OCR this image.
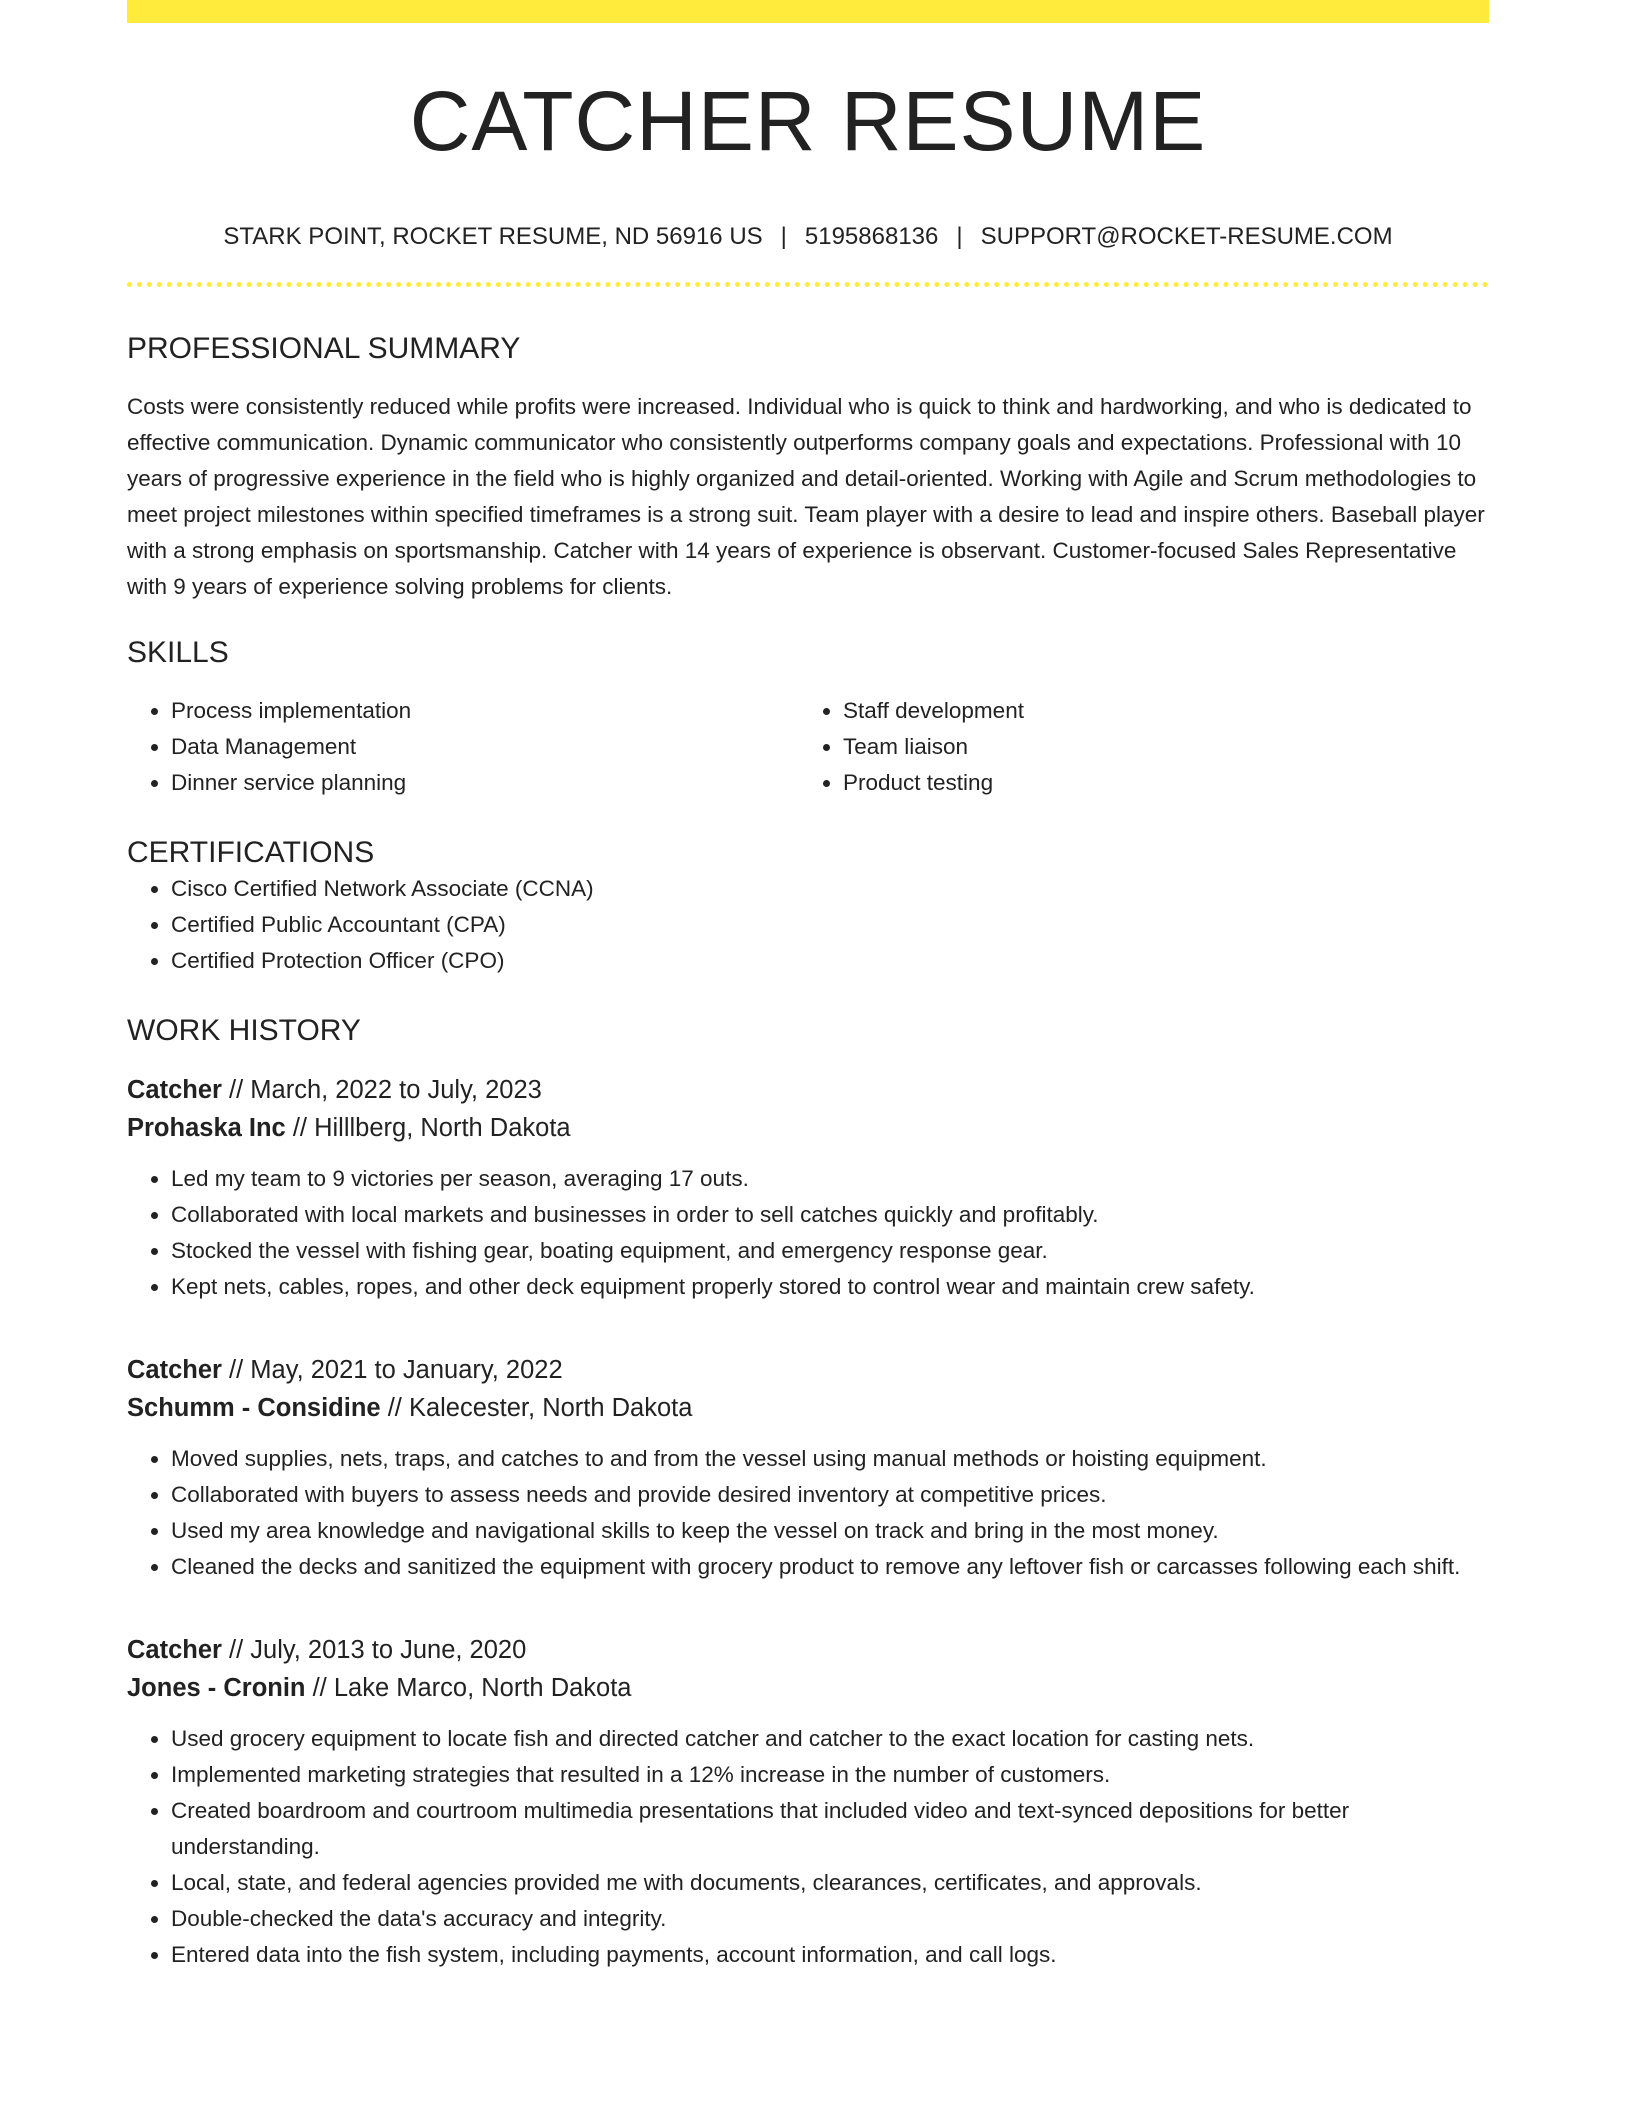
CATCHER RESUME
STARK POINT, ROCKET RESUME, ND 56916 US | 5195868136 | SUPPORT@ROCKET-RESUME.COM
PROFESSIONAL SUMMARY

Costs were consistently reduced while profits were increased. Individual who is quick to think and hardworking, and who is dedicated to effective communication. Dynamic communicator who consistently outperforms company goals and expectations. Professional with 10 years of progressive experience in the field who is highly organized and detail-oriented. Working with Agile and Scrum methodologies to meet project milestones within specified timeframes is a strong suit. Team player with a desire to lead and inspire others. Baseball player with a strong emphasis on sportsmanship. Catcher with 14 years of experience is observant. Customer-focused Sales Representative with 9 years of experience solving problems for clients.

SKILLS
• Process implementation
• Data Management
• Dinner service planning
• Staff development
• Team liaison
• Product testing
CERTIFICATIONS
• Cisco Certified Network Associate (CCNA)
• Certified Public Accountant (CPA)
• Certified Protection Officer (CPO)
WORK HISTORY
Catcher // March, 2022 to July, 2023
Prohaska Inc // Hilllberg, North Dakota
• Led my team to 9 victories per season, averaging 17 outs.
• Collaborated with local markets and businesses in order to sell catches quickly and profitably.
• Stocked the vessel with fishing gear, boating equipment, and emergency response gear.
• Kept nets, cables, ropes, and other deck equipment properly stored to control wear and maintain crew safety.
Catcher // May, 2021 to January, 2022
Schumm - Considine // Kalecester, North Dakota
• Moved supplies, nets, traps, and catches to and from the vessel using manual methods or hoisting equipment.
• Collaborated with buyers to assess needs and provide desired inventory at competitive prices.
• Used my area knowledge and navigational skills to keep the vessel on track and bring in the most money.
• Cleaned the decks and sanitized the equipment with grocery product to remove any leftover fish or carcasses following each shift.
Catcher // July, 2013 to June, 2020
Jones - Cronin // Lake Marco, North Dakota
• Used grocery equipment to locate fish and directed catcher and catcher to the exact location for casting nets.
• Implemented marketing strategies that resulted in a 12% increase in the number of customers.
• Created boardroom and courtroom multimedia presentations that included video and text-synced depositions for better understanding.
• Local, state, and federal agencies provided me with documents, clearances, certificates, and approvals.
• Double-checked the data's accuracy and integrity.
• Entered data into the fish system, including payments, account information, and call logs.
